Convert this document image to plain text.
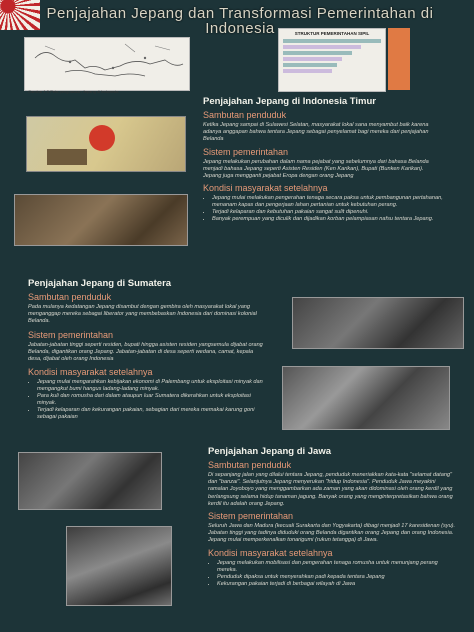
Penjajahan Jepang dan Transformasi Pemerintahan di Indonesia
Gambar 1.5 Peta penguasaan Jepang di Indonesia
STRUKTUR PEMERINTAHAN SIPIL
Penjajahan Jepang di Indonesia Timur
Sambutan penduduk

Ketika Jepang sampai di Sulawesi Selatan, masyarakat lokal sana menyambut baik karena adanya anggapan bahwa tentara Jepang sebagai penyelamat bagi mereka dari penjajahan Belanda

Sistem pemerintahan

Jepang melakukan perubahan dalam nama pejabat yang sebelumnya dari bahasa Belanda menjadi bahasa Jepang seperti Asisten Residen (Ken Karikan), Bupati (Bunken Karikan). Jepang juga mengganti pejabat Eropa dengan orang Jepang

Kondisi masyarakat setelahnya
• Jepang mulai melakukan pengerahan tenaga secara paksa untuk pembangunan pertahanan, menanam kapas dan pengerjaan lahan pertanian untuk kebutuhan perang.
• Terjadi kelaparan dan kebutuhan pakaian sangat sulit dipenuhi.
• Banyak perempuan yang diculik dan dijadikan korban pelampiasan nafsu tentara Jepang.
Penjajahan Jepang di Sumatera
Sambutan penduduk

Pada mulanya kedatangan Jepang disambut dengan gembira oleh masyarakat lokal yang menganggap mereka sebagai liberator yang membebaskan Indonesia dari dominasi kolonial Belanda.

Sistem pemerintahan

Jabatan-jabatan tinggi seperti residen, bupati hingga asisten residen yangsemula dijabat orang Belanda, digantikan orang Jepang. Jabatan-jabatan di desa seperti wedana, camat, kepala desa, dijabat oleh orang Indonesia

Kondisi masyarakat setelahnya
• Jepang mulai mengarahkan kebijakan ekonomi di Palembang untuk eksploitasi minyak dan mengangkut bumi hangus ladang-ladang minyak.
• Para kuli dan romusha dari dalam ataupun luar Sumatera dikerahkan untuk eksploitasi minyak.
• Terjadi kelaparan dan kekurangan pakaian, sebagian dari mereka memakai karung goni sebagai pakaian
Penjajahan Jepang di Jawa
Sambutan penduduk

Di sepanjang jalan yang dilalui tentara Jepang, penduduk meneriakkan kata-kata "selamat datang" dan "banzai". Selanjutnya Jepang menyerukan "hidup Indonesia". Penduduk Jawa meyakini ramalan Joyoboyo yang menggambarkan ada zaman yang akan didominasi oleh orang kerdil yang berlangsung selama hidup tanaman jagung. Banyak orang yang menginterpretasikan bahwa orang kerdil itu adalah orang Jepang.

Sistem pemerintahan

Seluruh Jawa dan Madura (kecuali Surakarta dan Yogyakarta) dibagi menjadi 17 karesidenan (syu). Jabatan tinggi yang tadinya diduduki orang Belanda digantikan orang Jepang dan orang Indonesia. Jepang mulai memperkenalkan tonarigumi (rukun tetangga) di Jawa.

Kondisi masyarakat setelahnya
• Jepang melakukan mobilisasi dan pengerahan tenaga romusha untuk menunjang perang mereka.
• Penduduk dipaksa untuk menyerahkan padi kepada tentara Jepang
• Kekurangan pakaian terjadi di berbagai wilayah di Jawa
